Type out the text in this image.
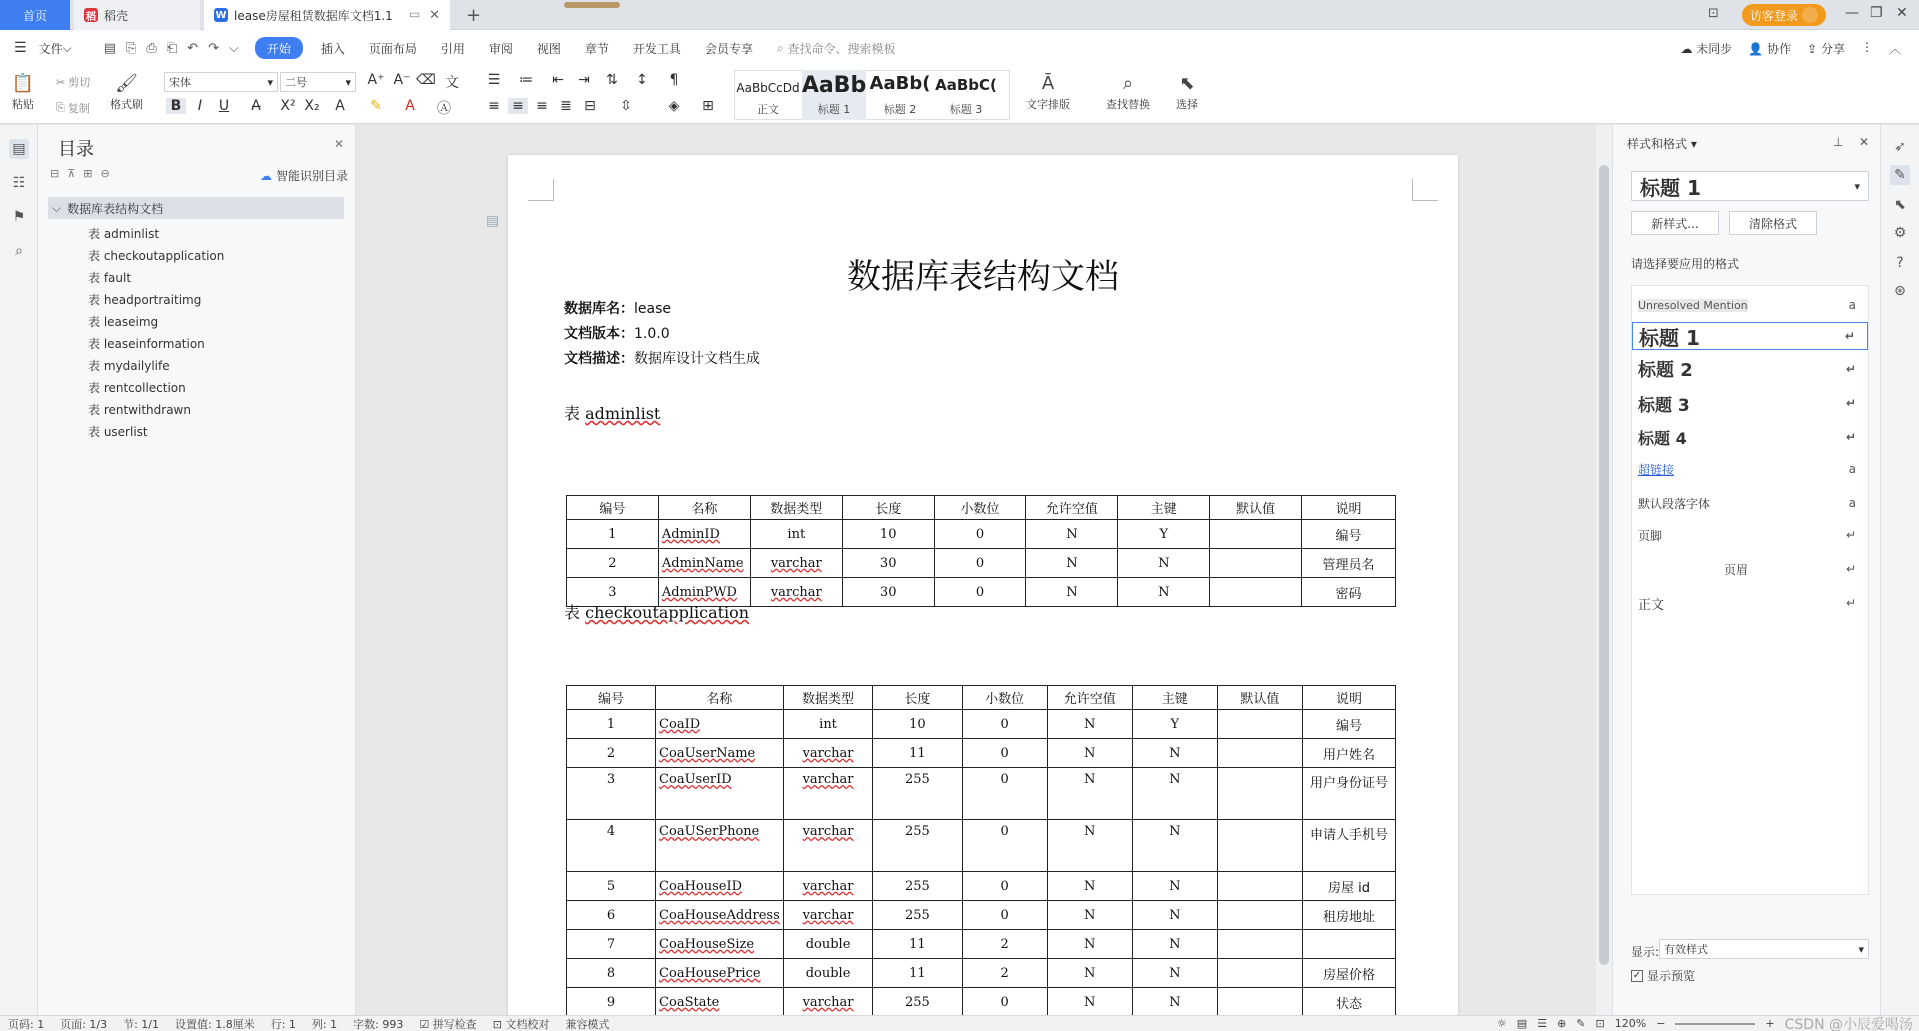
首页	稻 稻壳	W lease房屋租赁数据库文档1.1 ▭ ✕ +	⊡	访客登录	— ❐ ✕
☰ 文件 ⌵	▤⎘⎙⎗↶↷⌵	开始	插入	页面布局	引用	审阅	视图	章节	开发工具	会员专享	⌕ 查找命令、搜索模板	☁ 未同步 👤 协作 ⇪ 分享 ⋮ ︿
📋
粘贴
✂ 剪切
⎘ 复制
🖌
格式刷
宋体	▾ 二号	▾ A⁺ A⁻ ⌫ 文
B	I	U	A̶	X² X₂	A	✎	A	Ⓐ
☰ ≔ ⇤ ⇥ ⇅ ↕	¶
≡ ≡ ≡ ≣ ⊟ ⇳	◈	⊞
AaBbCcDd
正文
AaBb
标题 1
AaBb(
标题 2
AaBbC(
标题 3
Ā
文字排版
⌕
查找替换
⬉
选择
▤
☷
⚑
⌕
目录	✕
⊟ ⊼ ⊞ ⊖	☁ 智能识别目录
⌵ 数据库表结构文档
表 adminlist
表 checkoutapplication
表 fault
表 headportraitimg
表 leaseimg
表 leaseinformation
表 mydailylife
表 rentcollection
表 rentwithdrawn
表 userlist
▤
数据库表结构文档
数据库名：lease
文档版本：1.0.0
文档描述：数据库设计文档生成
表 adminlist
编号	名称	数据类型	长度	小数位	允许空值	主键	默认值	说明
1	AdminID	int	10	0	N	Y		编号
2	AdminName	varchar	30	0	N	N		管理员名
3	AdminPWD	varchar	30	0	N	N		密码
表 checkoutapplication
编号	名称	数据类型	长度	小数位	允许空值	主键	默认值	说明
1	CoaID	int	10	0	N	Y		编号
2	CoaUserName	varchar	11	0	N	N		用户姓名
3	CoaUserID	varchar	255	0	N	N		用户身份证号
4	CoaUSerPhone	varchar	255	0	N	N		申请人手机号
5	CoaHouseID	varchar	255	0	N	N		房屋 id
6	CoaHouseAddress	varchar	255	0	N	N		租房地址
7	CoaHouseSize	double	11	2	N	N		
8	CoaHousePrice	double	11	2	N	N		房屋价格
9	CoaState	varchar	255	0	N	N		状态
样式和格式 ▾	⊥ ✕
标题 1	▾
新样式...	清除格式
请选择要应用的格式
Unresolved Mention	a
标题 1	↵
标题 2	↵
标题 3	↵
标题 4	↵
超链接	a
默认段落字体	a
页脚	↵
页眉	↵
正文	↵
显示: 有效样式	▾
✓ 显示预览
➶
✎
⬉
⚙
?
⊛
页码: 1	页面: 1/3	节: 1/1	设置值: 1.8厘米	行: 1	列: 1	字数: 993	☑ 拼写检查	⊡ 文档校对	兼容模式	☼ ▤ ☰ ⊕ ✎ ⊡ 120% −	+ CSDN @小辰爱喝汤
